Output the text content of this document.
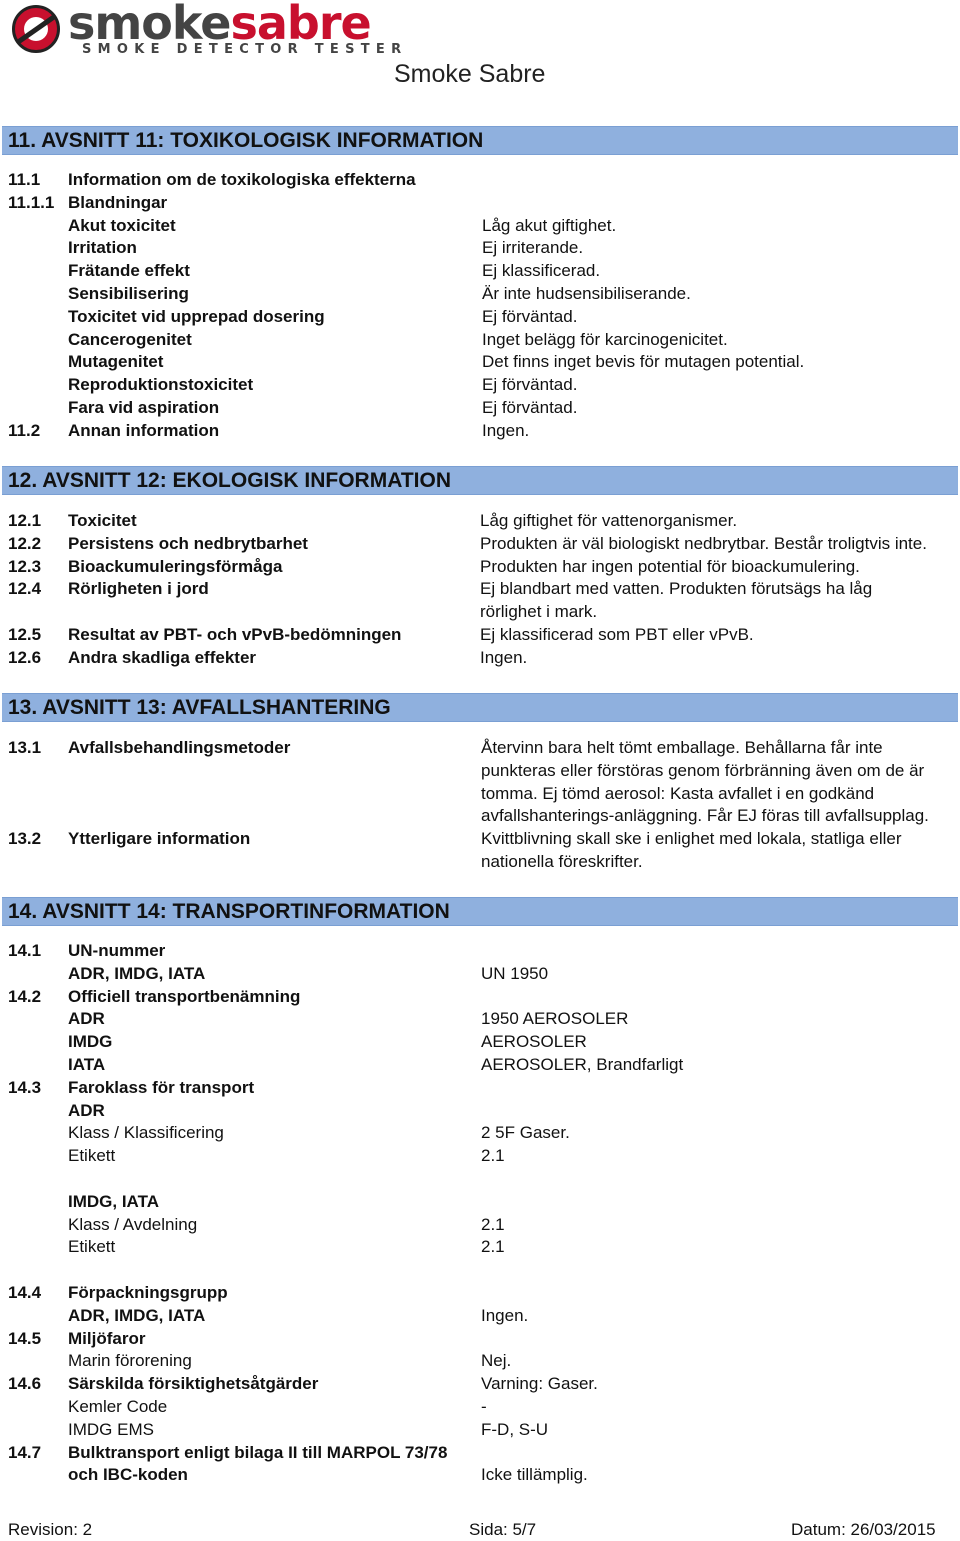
smokesabre
SMOKE DETECTOR TESTER
Smoke Sabre
11. AVSNITT 11: TOXIKOLOGISK INFORMATION
11.1 Information om de toxikologiska effekterna
11.1.1 Blandningar
Akut toxicitet	Låg akut giftighet.
Irritation	Ej irriterande.
Frätande effekt	Ej klassificerad.
Sensibilisering	Är inte hudsensibiliserande.
Toxicitet vid upprepad dosering	Ej förväntad.
Cancerogenitet	Inget belägg för karcinogenicitet.
Mutagenitet	Det finns inget bevis för mutagen potential.
Reproduktionstoxicitet	Ej förväntad.
Fara vid aspiration	Ej förväntad.
11.2 Annan information	Ingen.
12. AVSNITT 12: EKOLOGISK INFORMATION
12.1 Toxicitet	Låg giftighet för vattenorganismer.
12.2 Persistens och nedbrytbarhet	Produkten är väl biologiskt nedbrytbar. Består troligtvis inte.
12.3 Bioackumuleringsförmåga	Produkten har ingen potential för bioackumulering.
12.4 Rörligheten i jord	Ej blandbart med vatten. Produkten förutsägs ha låg
rörlighet i mark.
12.5 Resultat av PBT- och vPvB-bedömningen	Ej klassificerad som PBT eller vPvB.
12.6 Andra skadliga effekter	Ingen.
13. AVSNITT 13: AVFALLSHANTERING
13.1 Avfallsbehandlingsmetoder	Återvinn bara helt tömt emballage. Behållarna får inte
punkteras eller förstöras genom förbränning även om de är
tomma. Ej tömd aerosol: Kasta avfallet i en godkänd
avfallshanterings-anläggning. Får EJ föras till avfallsupplag.
13.2 Ytterligare information	Kvittblivning skall ske i enlighet med lokala, statliga eller
nationella föreskrifter.
14. AVSNITT 14: TRANSPORTINFORMATION
14.1 UN-nummer
ADR, IMDG, IATA	UN 1950
14.2 Officiell transportbenämning
ADR	1950 AEROSOLER
IMDG	AEROSOLER
IATA	AEROSOLER, Brandfarligt
14.3 Faroklass för transport
ADR
Klass / Klassificering	2 5F Gaser.
Etikett	2.1
IMDG, IATA
Klass / Avdelning	2.1
Etikett	2.1
14.4 Förpackningsgrupp
ADR, IMDG, IATA	Ingen.
14.5 Miljöfaror
Marin förorening	Nej.
14.6 Särskilda försiktighetsåtgärder	Varning: Gaser.
Kemler Code	-
IMDG EMS	F-D, S-U
14.7 Bulktransport enligt bilaga II till MARPOL 73/78
och IBC-koden	Icke tillämplig.
Revision: 2	Sida: 5/7	Datum: 26/03/2015
